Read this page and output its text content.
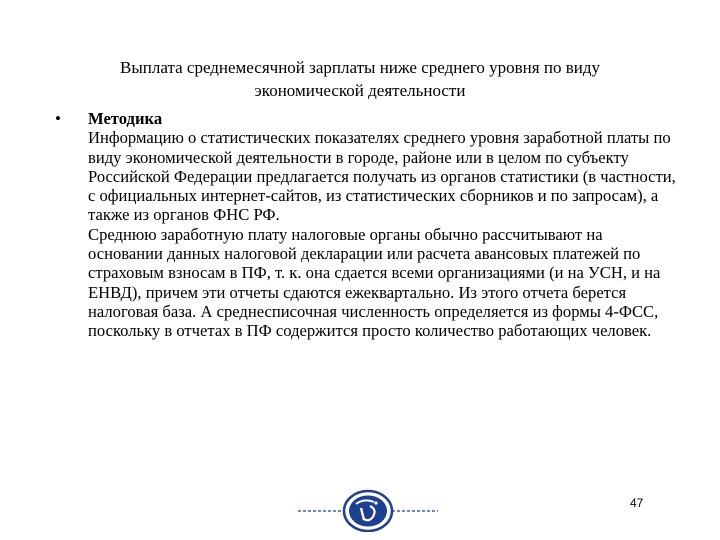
Выплата среднемесячной зарплаты ниже среднего уровня по виду
экономической деятельности
• Методика
Информацию о статистических показателях среднего уровня заработной платы по виду экономической деятельности в городе, районе или в целом по субъекту Российской Федерации предлагается получать из органов статистики (в частности, с официальных интернет-сайтов, из статистических сборников и по запросам), а также из органов ФНС РФ.
Среднюю заработную плату налоговые органы обычно рассчитывают на основании данных налоговой декларации или расчета авансовых платежей по страховым взносам в ПФ, т. к. она сдается всеми организациями (и на УСН, и на ЕНВД), причем эти отчеты сдаются ежеквартально. Из этого отчета берется налоговая база. А среднесписочная численность определяется из формы 4-ФСС, поскольку в отчетах в ПФ содержится просто количество работающих человек.
47
